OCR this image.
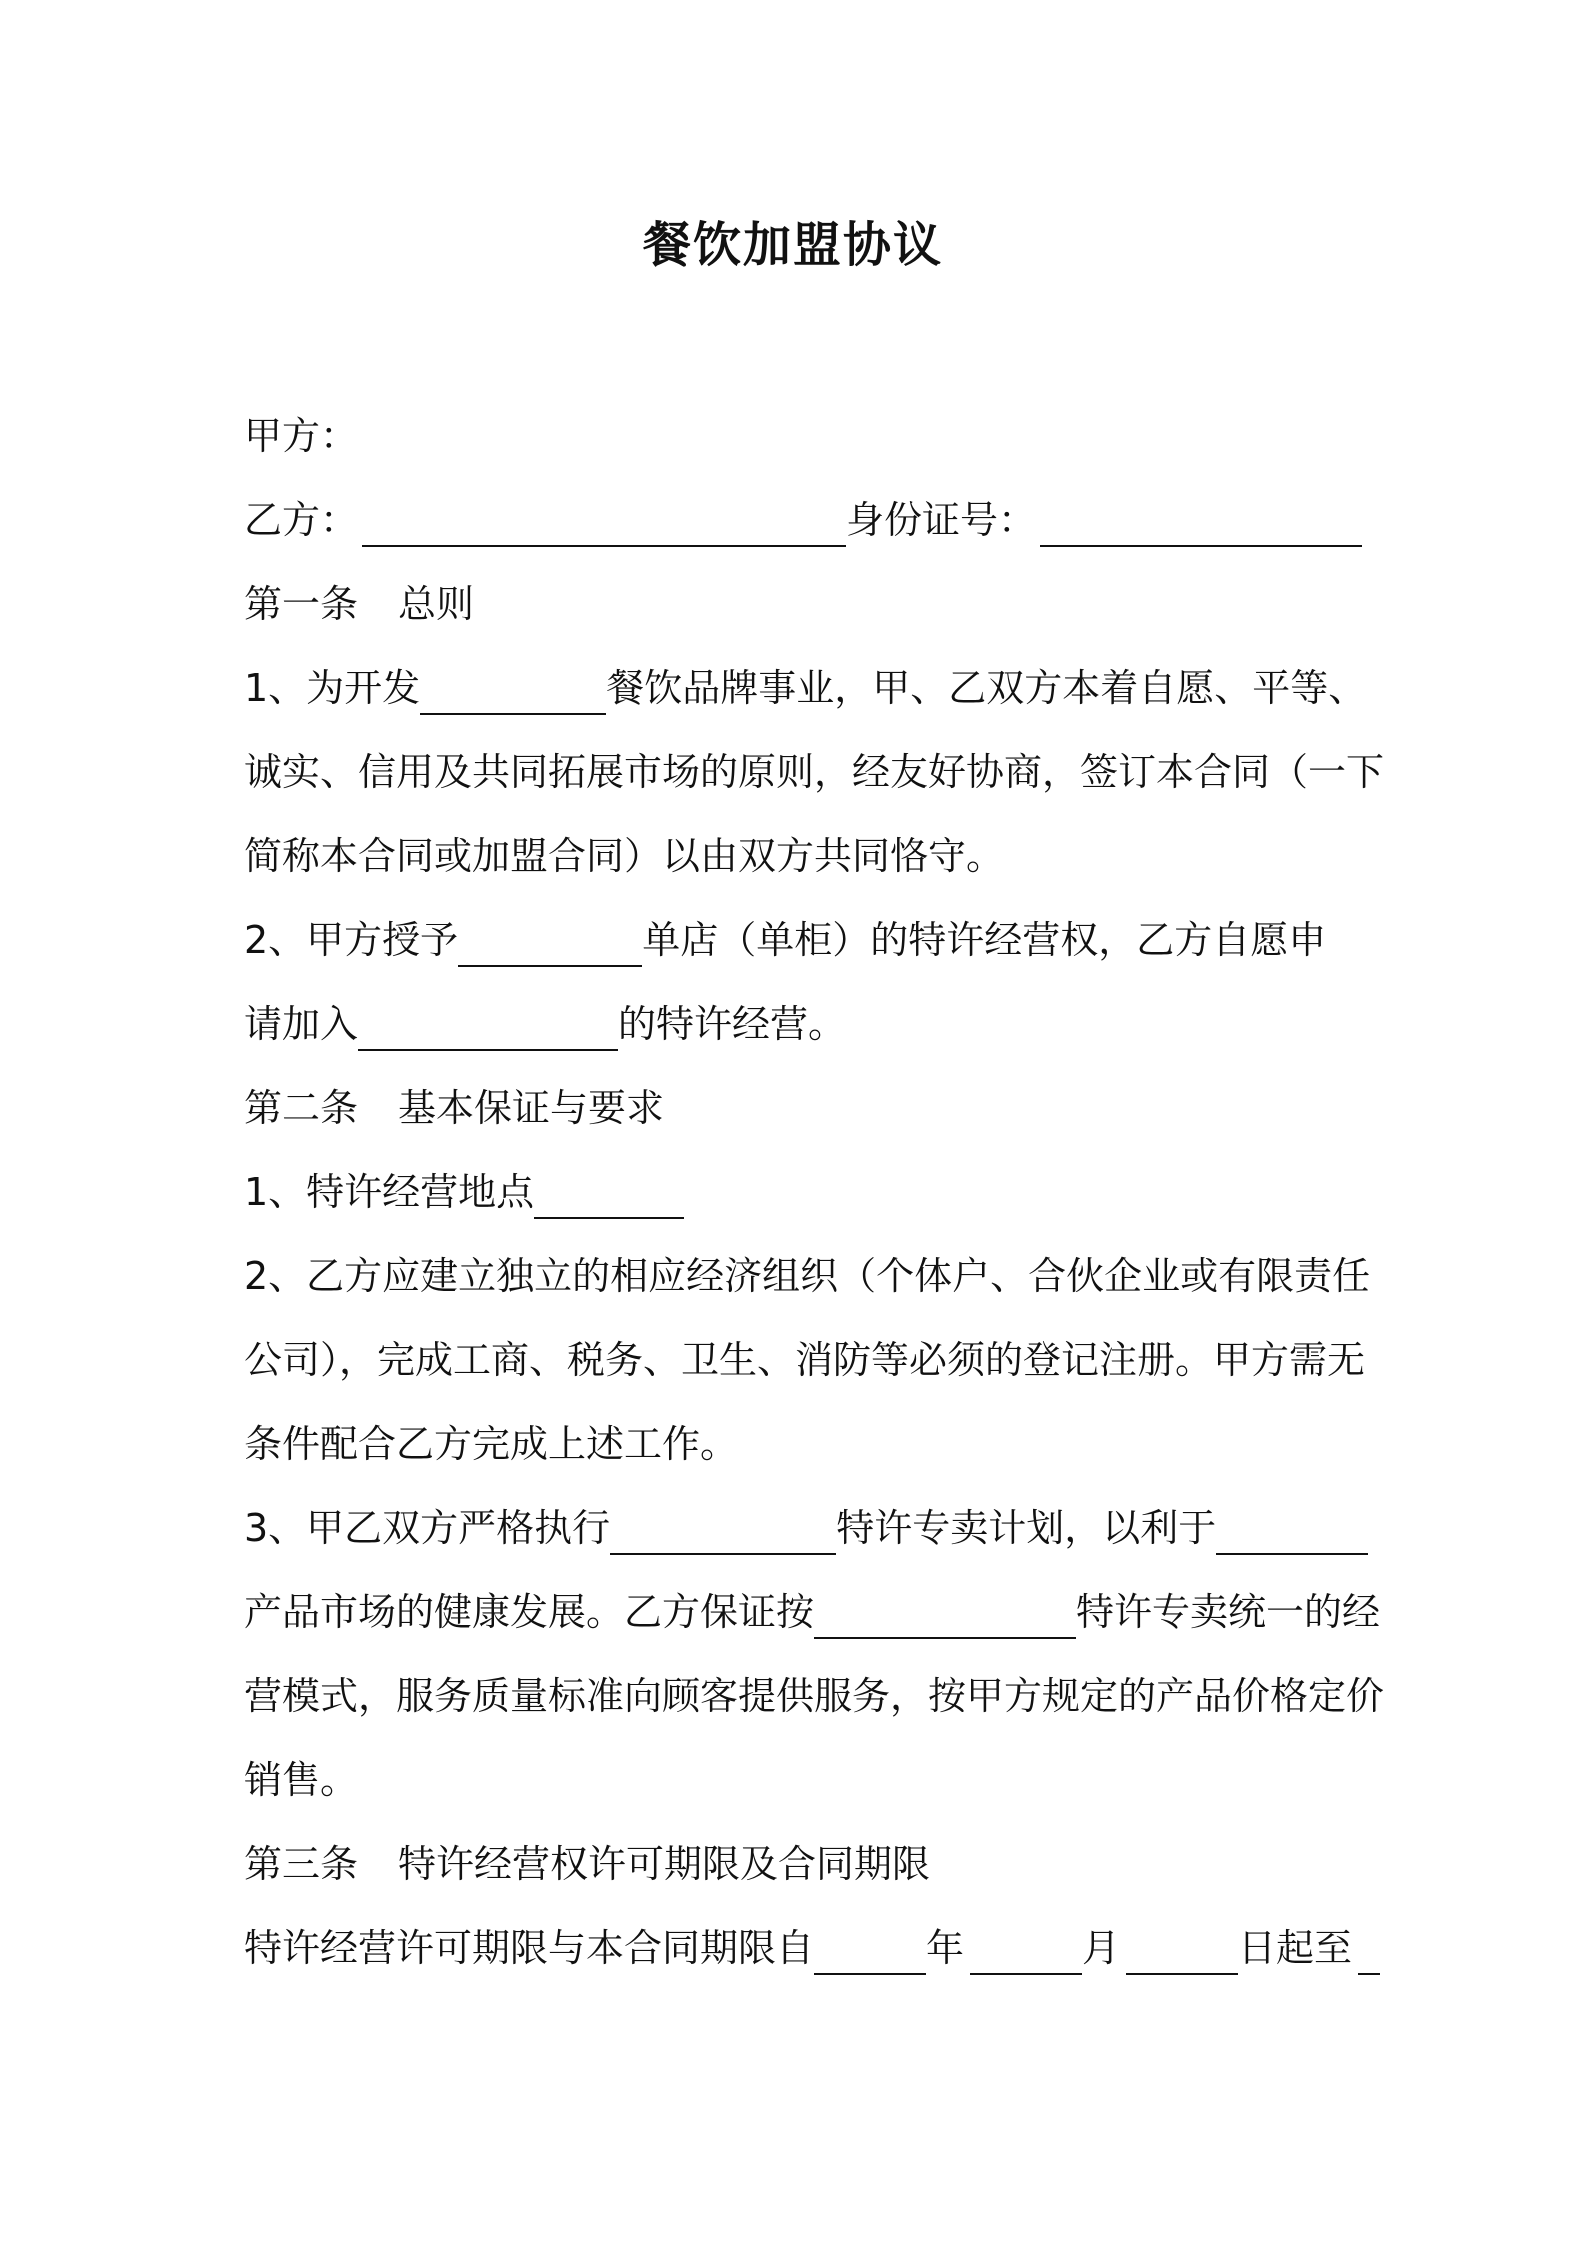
餐饮加盟协议
甲方：
乙方：	身份证号：
第一条 总则
1、为开发	餐饮品牌事业，甲、乙双方本着自愿、平等、
诚实、信用及共同拓展市场的原则，经友好协商，签订本合同（一下
简称本合同或加盟合同）以由双方共同恪守。
2、甲方授予	单店（单柜）的特许经营权，乙方自愿申
请加入	的特许经营。
第二条 基本保证与要求
1、特许经营地点
2、乙方应建立独立的相应经济组织（个体户、合伙企业或有限责任
公司），完成工商、税务、卫生、消防等必须的登记注册。甲方需无
条件配合乙方完成上述工作。
3、甲乙双方严格执行	特许专卖计划，以利于
产品市场的健康发展。乙方保证按	特许专卖统一的经
营模式，服务质量标准向顾客提供服务，按甲方规定的产品价格定价
销售。
第三条 特许经营权许可期限及合同期限
特许经营许可期限与本合同期限自	年	月	日起至
